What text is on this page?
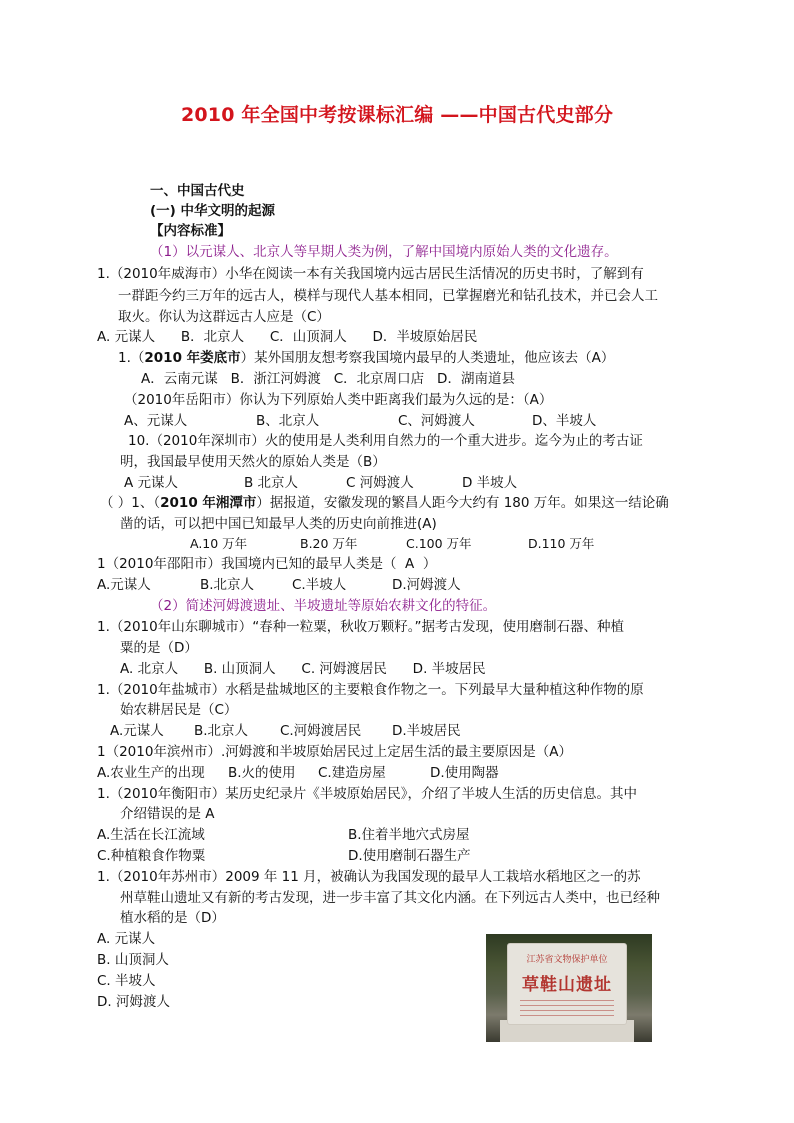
2010 年全国中考按课标汇编 ——中国古代史部分
一、中国古代史
(一) 中华文明的起源
【内容标准】
（1）以元谋人、北京人等早期人类为例，了解中国境内原始人类的文化遗存。
1.（2010年威海市）小华在阅读一本有关我国境内远古居民生活情况的历史书时，了解到有
一群距今约三万年的远古人，模样与现代人基本相同，已掌握磨光和钻孔技术，并已会人工
取火。你认为这群远古人应是（C）
A. 元谋人      B．北京人      C．山顶洞人      D．半坡原始居民
1.（2010 年娄底市）某外国朋友想考察我国境内最早的人类遗址，他应该去（A）
A．云南元谋   B．浙江河姆渡   C．北京周口店   D．湖南道县
（2010年岳阳市）你认为下列原始人类中距离我们最为久远的是：（A）
A、元谋人	B、北京人	C、河姆渡人	D、半坡人
10.（2010年深圳市）火的使用是人类利用自然力的一个重大进步。迄今为止的考古证
明，我国最早使用天然火的原始人类是（B）
A 元谋人	B 北京人	C 河姆渡人	D 半坡人
（ ）1、（2010 年湘潭市）据报道，安徽发现的繁昌人距今大约有 180 万年。如果这一结论确
凿的话，可以把中国已知最早人类的历史向前推进(A)
A.10 万年	B.20 万年	C.100 万年	D.110 万年
1（2010年邵阳市）我国境内已知的最早人类是（  A  ）
A.元谋人	B.北京人	C.半坡人	D.河姆渡人
（2）简述河姆渡遗址、半坡遗址等原始农耕文化的特征。
1.（2010年山东聊城市）“春种一粒粟，秋收万颗籽。”据考古发现，使用磨制石器、种植
粟的是（D）
A. 北京人      B. 山顶洞人      C. 河姆渡居民      D. 半坡居民
1.（2010年盐城市）水稻是盐城地区的主要粮食作物之一。下列最早大量种植这种作物的原
始农耕居民是（C）
A.元谋人 B.北京人 C.河姆渡居民 D.半坡居民
1（2010年滨州市）.河姆渡和半坡原始居民过上定居生活的最主要原因是（A）
A.农业生产的出现 B.火的使用 C.建造房屋	D.使用陶器
1.（2010年衡阳市）某历史纪录片《半坡原始居民》，介绍了半坡人生活的历史信息。其中
介绍错误的是 A
A.生活在长江流域	B.住着半地穴式房屋
C.种植粮食作物粟	D.使用磨制石器生产
1.（2010年苏州市）2009 年 11 月，被确认为我国发现的最早人工栽培水稻地区之一的苏
州草鞋山遗址又有新的考古发现，进一步丰富了其文化内涵。在下列远古人类中，也已经种
植水稻的是（D）
A. 元谋人
B. 山顶洞人
C. 半坡人
D. 河姆渡人
江苏省文物保护单位
草鞋山遗址
